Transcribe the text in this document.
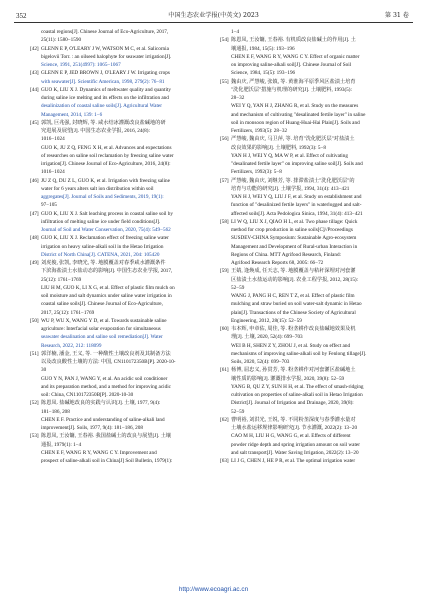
352	中国生态农业学报(中英文) 2023	第 31 卷

coastal regions[J]. Chinese Journal of Eco-Agriculture, 2017,

25(11): 1580−1590

[42] GLENN E P, O'LEARY J W, WATSON M C, et al. Salicornia

bigelovii Torr. : an oilseed halophyte for seawater irrigation[J].

Science, 1991, 251(4997): 1065−1067

[43] GLENN E P, JED BROWN J, O'LEARY J W. Irrigating crops

with seawater[J]. Scientific American, 1998, 279(2): 76−81

[44] GUO K, LIU X J. Dynamics of meltwater quality and quantity

during saline ice melting and its effects on the infiltration and

desalinization of coastal saline soils[J]. Agricultural Water

Management, 2014, 139: 1−6

[45] 郭凯, 巨兆强, 封晓辉, 等. 咸水结冰灌溉改良盐碱地的研

究进展及展望[J]. 中国生态农业学报, 2016, 24(8):

1016−1024

GUO K, JU Z Q, FENG X H, et al. Advances and expectations

of researches on saline soil reclamation by freezing saline water

irrigation[J]. Chinese Journal of Eco-Agriculture, 2016, 24(8):

1016−1024

[46] JU Z Q, DU Z L, GUO K, et al. Irrigation with freezing saline

water for 6 years alters salt ion distribution within soil

aggregates[J]. Journal of Soils and Sediments, 2019, 19(1):

97−105

[47] GUO K, LIU X J. Salt leaching process in coastal saline soil by

infiltration of melting saline ice under field conditions[J].

Journal of Soil and Water Conservation, 2020, 75(4): 549−562

[48] GUO K, LIU X J. Reclamation effect of freezing saline water

irrigation on heavy saline-alkali soil in the Hetao Irrigation

District of North China[J]. CATENA, 2021, 204: 105420

[49] 刘虎俊, 张凯, 李晓光, 等. 地膜覆盖对春季咸水灌溉条件

下滨海盐渍土水盐动态的影响[J]. 中国生态农业学报, 2017,

25(12): 1761−1769

LIU H M, GUO K, LI X G, et al. Effect of plastic film mulch on

soil moisture and salt dynamics under saline water irrigation in

coastal saline soils[J]. Chinese Journal of Eco-Agriculture,

2017, 25(12): 1761−1769

[50] WU P, WU X, WANG Y D, et al. Towards sustainable saline

agriculture: Interfacial solar evaporation for simultaneous

seawater desalination and saline soil remediation[J]. Water

Research, 2022, 212: 118099

[51] 郭洋楠, 潘金, 王义, 等. 一种酸性土壤改良剂及其制备方法

以及改良酸性土壤的方法: 中国, CN110172350B[P]. 2020-10-

30

GUO Y N, PAN J, WANG Y, et al. An acidic soil conditioner

and its preparation method, and a method for improving acidic

soil: China, CN110172350B[P]. 2020-10-30

[52] 陈恩凤. 盐碱地改良的实践与认识[J]. 土壤, 1977, 9(4):

181−186, 208

CHEN E F. Practice and understanding of saline-alkali land

improvement[J]. Soils, 1977, 9(4): 181−186, 208

[53] 陈恩凤, 王汝镛, 王春裕. 我国盐碱土的改良与展望[J]. 土壤

通报, 1979(1): 1−4

CHEN E F, WANG R Y, WANG C Y. Improvement and

prospect of saline-alkali soil in China[J] Soil Bulletin, 1979(1):

1−4

[54] 陈恩凤, 王汝镛, 王春裕. 有机质改良盐碱土的作用[J]. 土

壤通报, 1984, 15(5): 193−196

CHEN E F, WANG R Y, WANG C Y. Effect of organic matter

on improving saline-alkali soil[J]. Chinese Journal of Soil

Science, 1984, 15(5): 193−196

[55] 魏由庆, 严慧峻, 张镇, 等. 黄淮海平原季风区盐渍土培育

"洗化肥沃层"措施与机理的研究[J]. 土壤肥料, 1993(5):

28−32

WEI Y Q, YAN H J, ZHANG R, et al. Study on the measures

and mechanism of cultivating "desalinated fertile layer" in saline

soil in monsoon region of Huang-Huai-Hai Plain[J]. Soils and

Fertilizers, 1993(5): 28−32

[56] 严慧峻, 魏由庆, 马卫萍, 等. 培育"洗化肥沃层"对盐渍土

改良效果的影响[J]. 土壤肥料, 1992(3): 5−8

YAN H J, WEI Y Q, MA W P, et al. Effect of cultivating

"desalinated fertile layer" on improving saline soil[J]. Soils and

Fertilizers, 1992(3): 5−8

[57] 严慧峻, 魏由庆, 刘继芳, 等. 排滞盐渍土"洗化肥沃层"的

培育与功能的研究[J]. 土壤学报, 1994, 31(4): 413−421

YAN H J, WEI Y Q, LIU J F, et al. Study on establishment and

function of "desalinized fertile layers" in waterlogged and salt-

affected soils[J]. Acta Pedologica Sinica, 1994, 31(4): 413−421

[58] LI W Q, LIU X J, QIAO H L, et al. Two phase tillage: Quick

method for crop production in saline soils[C]//Proceedings

SUSDEV-CHINA Symposium: Sustainable Agro-ecosystem

Management and Development of Rural-urban Interaction in

Regions of China. MTT Agrifood Research, Finland:

Agrifood Research Reports 68, 2005: 66−72

[59] 王婧, 逢焕成, 任天志, 等. 地膜覆盖与秸秆深埋对河套灌

区盐渍土水盐运动的影响[J]. 农业工程学报, 2012, 28(15):

52−59

WANG J, PANG H C, REN T Z, et al. Effect of plastic film

mulching and straw buried on soil water-salt dynamic in Hetao

plain[J]. Transactions of the Chinese Society of Agricultural

Engineering, 2012, 28(15): 52−59

[60] 韦本辉, 申章佑, 周佳, 等. 粉垄耕作改良盐碱地效果及机

理[J]. 土壤, 2020, 52(4): 699−703

WEI B H, SHEN Z Y, ZHOU J, et al. Study on effect and

mechanisms of improving saline-alkali soil by Fenlong tillage[J].

Soils, 2020, 52(4): 699−703

[61] 杨博, 屈忠义, 孙贯芳, 等. 粉垄耕作对河套灌区盐碱地土

壤性质的影响[J]. 灌溉排水学报, 2020, 39(8): 52−59

YANG B, QU Z Y, SUN H H, et al. The effect of smash-ridging

cultivation on properties of saline-alkali soil in Hetao Irrigation

District[J]. Journal of Irrigation and Drainage, 2020, 39(8):

52−59

[62] 曹明裕, 刘洪光, 王锐, 等. 不同粉垄深度与春季灌水量对

土壤水盐运移规律影响研究[J]. 节水灌溉, 2022(2): 13−20

CAO M H, LIU H G, WANG G, et al. Effects of different

powder ridge depth and spring irrigation amount on soil water

and salt transport[J]. Water Saving Irrigation, 2022(2): 13−20

[63] LI J G, CHEN J, HE P R, et al. The optimal irrigation water

http://www.ecoagri.ac.cn
